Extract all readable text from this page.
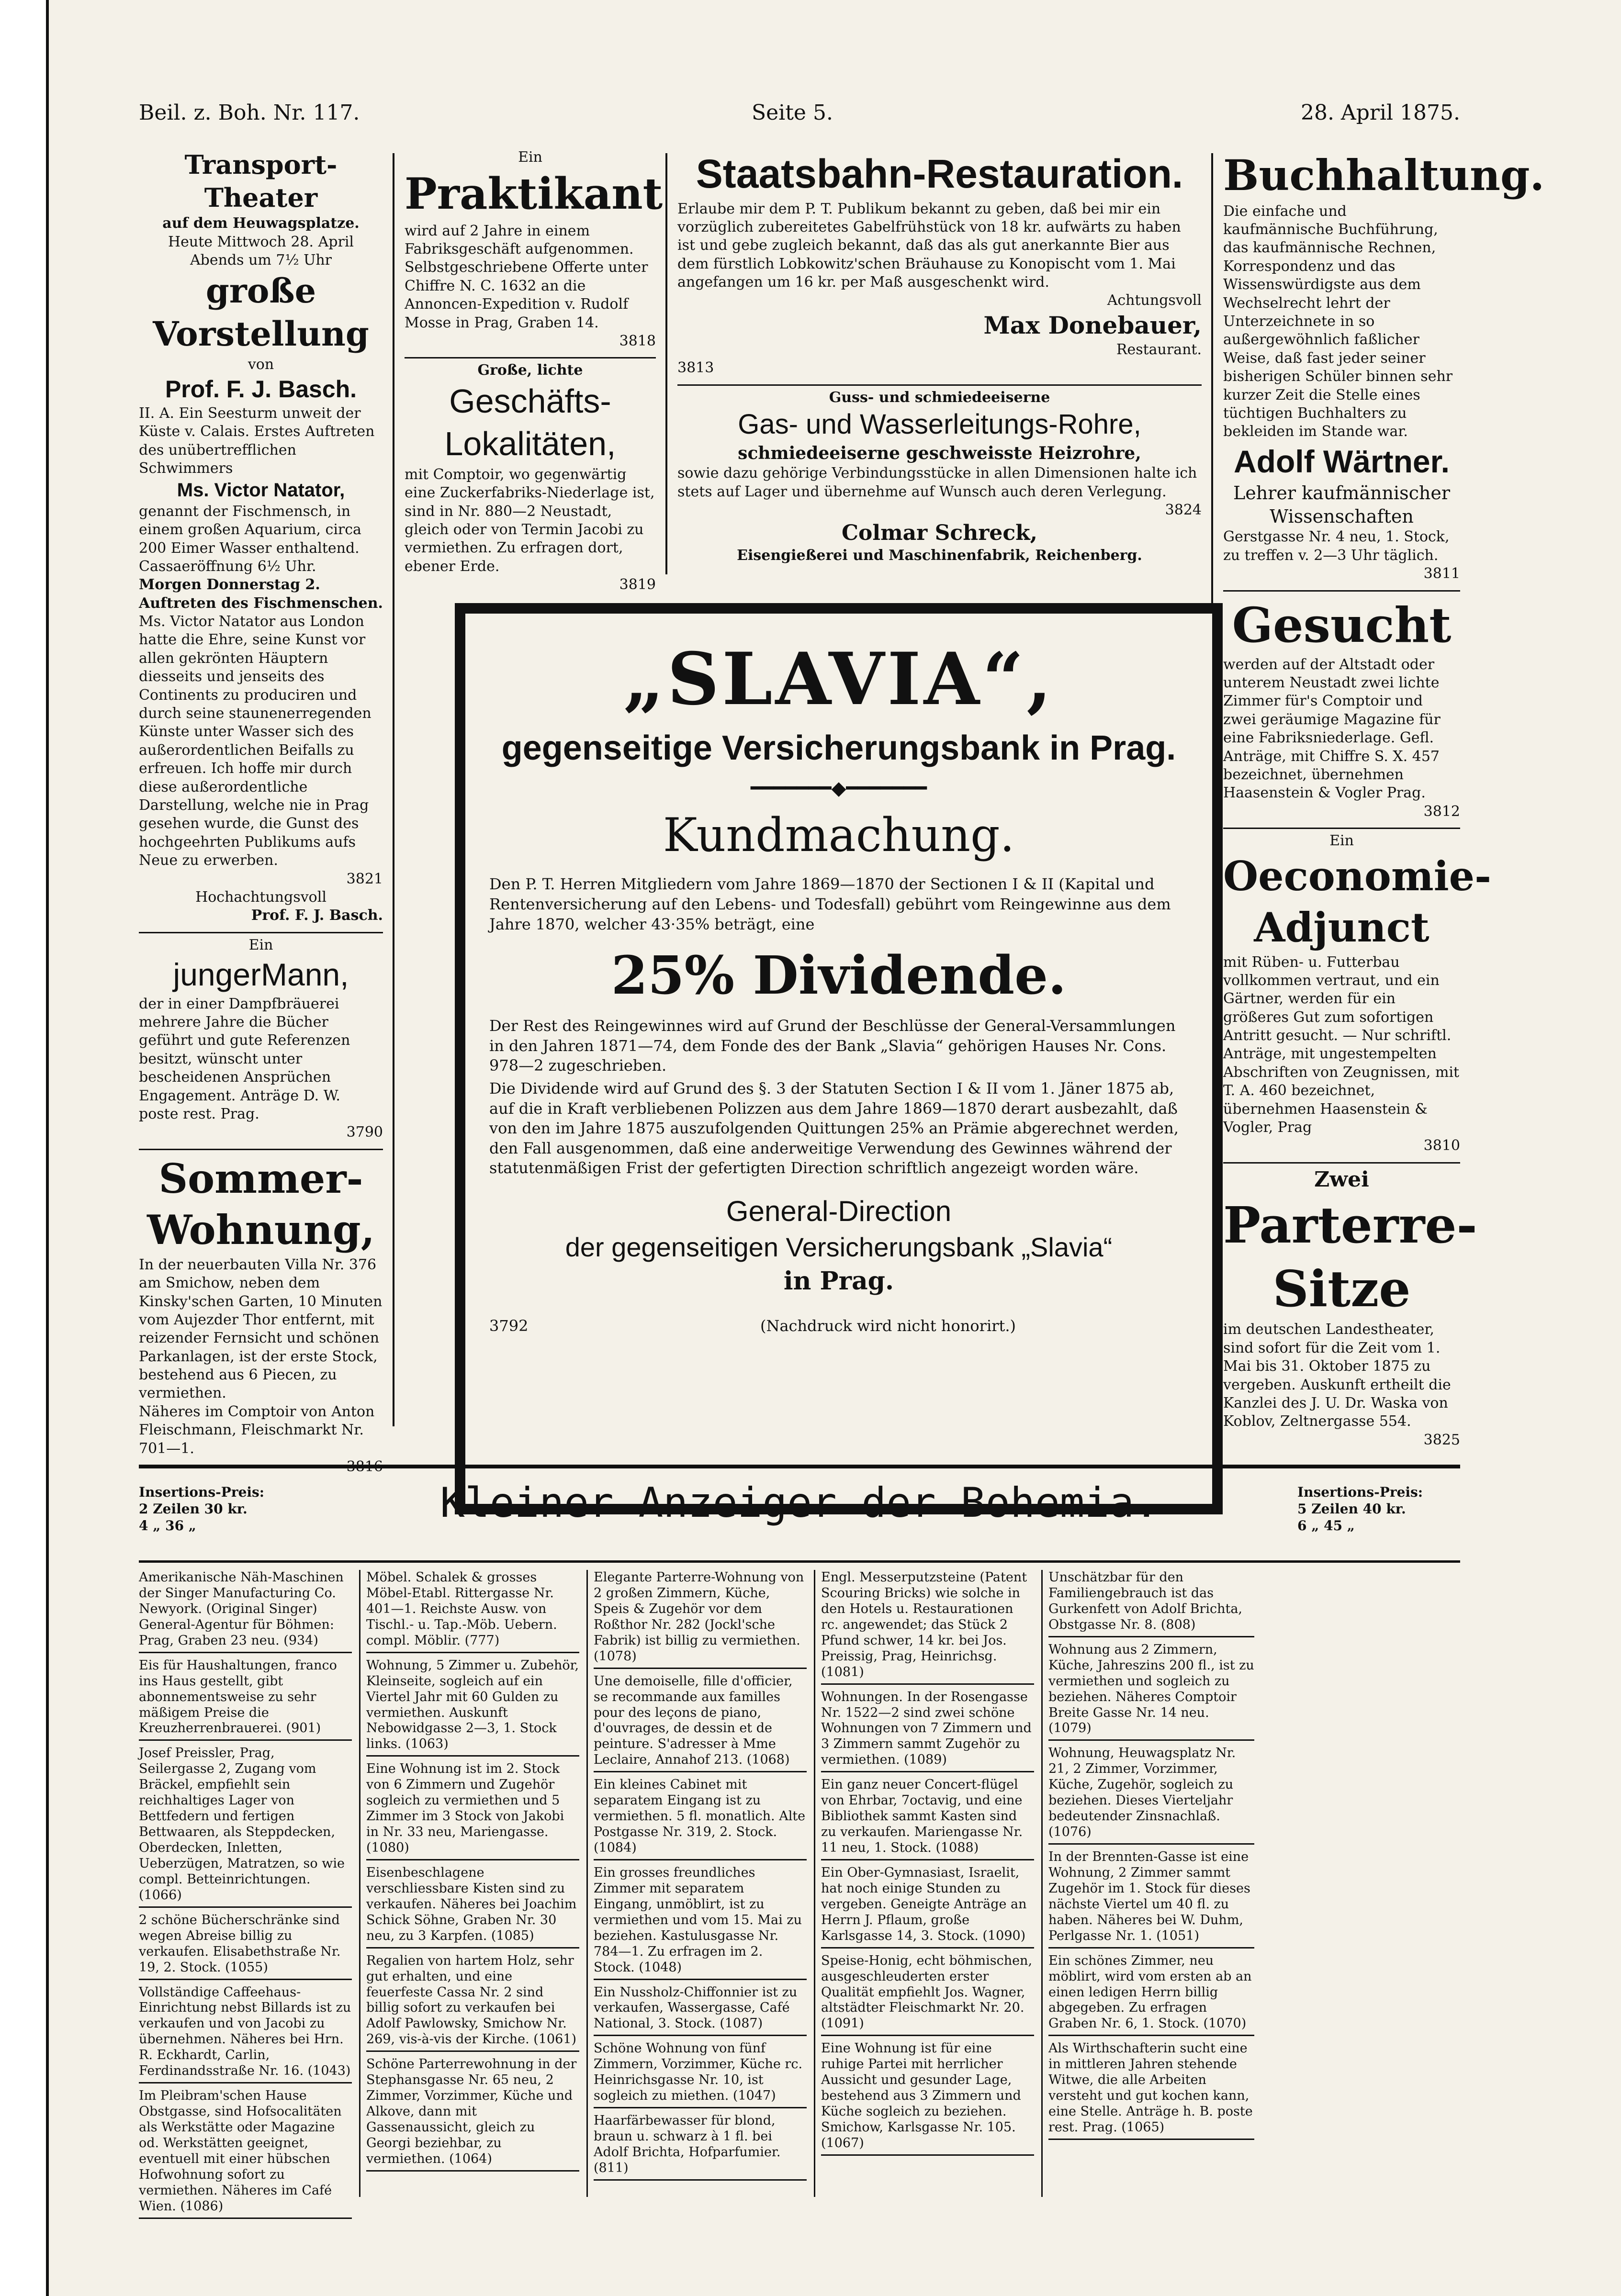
Beil. z. Boh. Nr. 117.	Seite 5.	28. April 1875.
Transport-Theater
auf dem Heuwagsplatze.
Heute Mittwoch 28. April Abends um 7½ Uhr
große Vorstellung
von
Prof. F. J. Basch.
II. A. Ein Seesturm unweit der Küste v. Calais. Erstes Auftreten des unübertrefflichen Schwimmers
Ms. Victor Natator,
genannt der Fischmensch, in einem großen Aquarium, circa 200 Eimer Wasser enthaltend. Cassaeröffnung 6½ Uhr.
Morgen Donnerstag 2. Auftreten des Fischmenschen.
Ms. Victor Natator aus London hatte die Ehre, seine Kunst vor allen gekrönten Häuptern diesseits und jenseits des Continents zu produciren und durch seine staunenerregenden Künste unter Wasser sich des außerordentlichen Beifalls zu erfreuen. Ich hoffe mir durch diese außerordentliche Darstellung, welche nie in Prag gesehen wurde, die Gunst des hochgeehrten Publikums aufs Neue zu erwerben.
3821
Hochachtungsvoll
Prof. F. J. Basch.
Ein
jungerMann,
der in einer Dampfbräuerei mehrere Jahre die Bücher geführt und gute Referenzen besitzt, wünscht unter bescheidenen Ansprüchen Engagement. Anträge D. W. poste rest. Prag.
3790
Sommer-
Wohnung,
In der neuerbauten Villa Nr. 376 am Smichow, neben dem Kinsky'schen Garten, 10 Minuten vom Aujezder Thor entfernt, mit reizender Fernsicht und schönen Parkanlagen, ist der erste Stock, bestehend aus 6 Piecen, zu vermiethen.
Näheres im Comptoir von Anton Fleischmann, Fleischmarkt Nr. 701—1.
Ein
Praktikant
wird auf 2 Jahre in einem Fabriksgeschäft aufgenommen. Selbstgeschriebene Offerte unter Chiffre N. C. 1632 an die Annoncen-Expedition v. Rudolf Mosse in Prag, Graben 14.
3818
Große, lichte
Geschäfts-
Lokalitäten,
mit Comptoir, wo gegenwärtig eine Zuckerfabriks-Niederlage ist, sind in Nr. 880—2 Neustadt, gleich oder von Termin Jacobi zu vermiethen. Zu erfragen dort, ebener Erde.
3819
Staatsbahn-Restauration.
Erlaube mir dem P. T. Publikum bekannt zu geben, daß bei mir ein vorzüglich zubereitetes Gabelfrühstück von 18 kr. aufwärts zu haben ist und gebe zugleich bekannt, daß das als gut anerkannte Bier aus dem fürstlich Lobkowitz'schen Bräuhause zu Konopischt vom 1. Mai angefangen um 16 kr. per Maß ausgeschenkt wird.
Achtungsvoll
Max Donebauer,
Restaurant.
3813
Guss- und schmiedeeiserne
Gas- und Wasserleitungs-Rohre,
schmiedeeiserne geschweisste Heizrohre,
sowie dazu gehörige Verbindungsstücke in allen Dimensionen halte ich stets auf Lager und übernehme auf Wunsch auch deren Verlegung.
3824
Colmar Schreck,
Eisengießerei und Maschinenfabrik, Reichenberg.
„SLAVIA“,
gegenseitige Versicherungsbank in Prag.
━━━━━━━◆━━━━━━━
Kundmachung.
Den P. T. Herren Mitgliedern vom Jahre 1869—1870 der Sectionen I & II (Kapital und Rentenversicherung auf den Lebens- und Todesfall) gebührt vom Reingewinne aus dem Jahre 1870, welcher 43·35% beträgt, eine
25% Dividende.
Der Rest des Reingewinnes wird auf Grund der Beschlüsse der General-Versammlungen in den Jahren 1871—74, dem Fonde des der Bank „Slavia“ gehörigen Hauses Nr. Cons. 978—2 zugeschrieben.
Die Dividende wird auf Grund des §. 3 der Statuten Section I & II vom 1. Jäner 1875 ab, auf die in Kraft verbliebenen Polizzen aus dem Jahre 1869—1870 derart ausbezahlt, daß von den im Jahre 1875 auszufolgenden Quittungen 25% an Prämie abgerechnet werden, den Fall ausgenommen, daß eine anderweitige Verwendung des Gewinnes während der statutenmäßigen Frist der gefertigten Direction schriftlich angezeigt worden wäre.
General-Direction
der gegenseitigen Versicherungsbank „Slavia“
in Prag.
3792	(Nachdruck wird nicht honorirt.)
Buchhaltung.
Die einfache und kaufmännische Buchführung, das kaufmännische Rechnen, Korrespondenz und das Wissenswürdigste aus dem Wechselrecht lehrt der Unterzeichnete in so außergewöhnlich faßlicher Weise, daß fast jeder seiner bisherigen Schüler binnen sehr kurzer Zeit die Stelle eines tüchtigen Buchhalters zu bekleiden im Stande war.
Adolf Wärtner.
Lehrer kaufmännischer
Wissenschaften
Gerstgasse Nr. 4 neu, 1. Stock, zu treffen v. 2—3 Uhr täglich.
3811
Gesucht
werden auf der Altstadt oder unterem Neustadt zwei lichte Zimmer für's Comptoir und zwei geräumige Magazine für eine Fabriksniederlage. Gefl. Anträge, mit Chiffre S. X. 457 bezeichnet, übernehmen Haasenstein & Vogler Prag.
3812
Ein
Oeconomie-
Adjunct
mit Rüben- u. Futterbau vollkommen vertraut, und ein Gärtner, werden für ein größeres Gut zum sofortigen Antritt gesucht. — Nur schriftl. Anträge, mit ungestempelten Abschriften von Zeugnissen, mit T. A. 460 bezeichnet, übernehmen Haasenstein & Vogler, Prag
3810
Zwei
Parterre-
Sitze
im deutschen Landestheater, sind sofort für die Zeit vom 1. Mai bis 31. Oktober 1875 zu vergeben. Auskunft ertheilt die Kanzlei des J. U. Dr. Waska von Koblov, Zeltnergasse 554.
3825
Insertions-Preis:
2 Zeilen 30 kr.
4 „ 36 „	Kleiner Anzeiger der Bohemia.	Insertions-Preis:
5 Zeilen 40 kr.
6 „ 45 „
Amerikanische Näh-Maschinen der Singer Manufacturing Co. Newyork. (Original Singer) General-Agentur für Böhmen: Prag, Graben 23 neu. (934)
Eis für Haushaltungen, franco ins Haus gestellt, gibt abonnementsweise zu sehr mäßigem Preise die Kreuzherrenbrauerei. (901)
Josef Preissler, Prag, Seilergasse 2, Zugang vom Bräckel, empfiehlt sein reichhaltiges Lager von Bettfedern und fertigen Bettwaaren, als Steppdecken, Oberdecken, Inletten, Ueberzügen, Matratzen, so wie compl. Betteinrichtungen. (1066)
2 schöne Bücherschränke sind wegen Abreise billig zu verkaufen. Elisabethstraße Nr. 19, 2. Stock. (1055)
Vollständige Caffeehaus-Einrichtung nebst Billards ist zu verkaufen und von Jacobi zu übernehmen. Näheres bei Hrn. R. Eckhardt, Carlin, Ferdinandsstraße Nr. 16. (1043)
Im Pleibram'schen Hause Obstgasse, sind Hofsocalitäten als Werkstätte oder Magazine od. Werkstätten geeignet, eventuell mit einer hübschen Hofwohnung sofort zu vermiethen. Näheres im Café Wien. (1086)
Möbel. Schalek & grosses Möbel-Etabl. Rittergasse Nr. 401—1. Reichste Ausw. von Tischl.- u. Tap.-Möb. Uebern. compl. Möblir. (777)
Wohnung, 5 Zimmer u. Zubehör, Kleinseite, sogleich auf ein Viertel Jahr mit 60 Gulden zu vermiethen. Auskunft Nebowidgasse 2—3, 1. Stock links. (1063)
Eine Wohnung ist im 2. Stock von 6 Zimmern und Zugehör sogleich zu vermiethen und 5 Zimmer im 3 Stock von Jakobi in Nr. 33 neu, Mariengasse. (1080)
Eisenbeschlagene verschliessbare Kisten sind zu verkaufen. Näheres bei Joachim Schick Söhne, Graben Nr. 30 neu, zu 3 Karpfen. (1085)
Regalien von hartem Holz, sehr gut erhalten, und eine feuerfeste Cassa Nr. 2 sind billig sofort zu verkaufen bei Adolf Pawlowsky, Smichow Nr. 269, vis-à-vis der Kirche. (1061)
Schöne Parterrewohnung in der Stephansgasse Nr. 65 neu, 2 Zimmer, Vorzimmer, Küche und Alkove, dann mit Gassenaussicht, gleich zu Georgi beziehbar, zu vermiethen. (1064)
Elegante Parterre-Wohnung von 2 großen Zimmern, Küche, Speis & Zugehör vor dem Roßthor Nr. 282 (Jockl'sche Fabrik) ist billig zu vermiethen. (1078)
Une demoiselle, fille d'officier, se recommande aux familles pour des leçons de piano, d'ouvrages, de dessin et de peinture. S'adresser à Mme Leclaire, Annahof 213. (1068)
Ein kleines Cabinet mit separatem Eingang ist zu vermiethen. 5 fl. monatlich. Alte Postgasse Nr. 319, 2. Stock. (1084)
Ein grosses freundliches Zimmer mit separatem Eingang, unmöblirt, ist zu vermiethen und vom 15. Mai zu beziehen. Kastulusgasse Nr. 784—1. Zu erfragen im 2. Stock. (1048)
Ein Nussholz-Chiffonnier ist zu verkaufen, Wassergasse, Café National, 3. Stock. (1087)
Schöne Wohnung von fünf Zimmern, Vorzimmer, Küche rc. Heinrichsgasse Nr. 10, ist sogleich zu miethen. (1047)
Haarfärbewasser für blond, braun u. schwarz à 1 fl. bei Adolf Brichta, Hofparfumier. (811)
Engl. Messerputzsteine (Patent Scouring Bricks) wie solche in den Hotels u. Restaurationen rc. angewendet; das Stück 2 Pfund schwer, 14 kr. bei Jos. Preissig, Prag, Heinrichsg. (1081)
Wohnungen. In der Rosengasse Nr. 1522—2 sind zwei schöne Wohnungen von 7 Zimmern und 3 Zimmern sammt Zugehör zu vermiethen. (1089)
Ein ganz neuer Concert-flügel von Ehrbar, 7octavig, und eine Bibliothek sammt Kasten sind zu verkaufen. Mariengasse Nr. 11 neu, 1. Stock. (1088)
Ein Ober-Gymnasiast, Israelit, hat noch einige Stunden zu vergeben. Geneigte Anträge an Herrn J. Pflaum, große Karlsgasse 14, 3. Stock. (1090)
Speise-Honig, echt böhmischen, ausgeschleuderten erster Qualität empfiehlt Jos. Wagner, altstädter Fleischmarkt Nr. 20. (1091)
Eine Wohnung ist für eine ruhige Partei mit herrlicher Aussicht und gesunder Lage, bestehend aus 3 Zimmern und Küche sogleich zu beziehen. Smichow, Karlsgasse Nr. 105. (1067)
Unschätzbar für den Familiengebrauch ist das Gurkenfett von Adolf Brichta, Obstgasse Nr. 8. (808)
Wohnung aus 2 Zimmern, Küche, Jahreszins 200 fl., ist zu vermiethen und sogleich zu beziehen. Näheres Comptoir Breite Gasse Nr. 14 neu. (1079)
Wohnung, Heuwagsplatz Nr. 21, 2 Zimmer, Vorzimmer, Küche, Zugehör, sogleich zu beziehen. Dieses Vierteljahr bedeutender Zinsnachlaß. (1076)
In der Brennten-Gasse ist eine Wohnung, 2 Zimmer sammt Zugehör im 1. Stock für dieses nächste Viertel um 40 fl. zu haben. Näheres bei W. Duhm, Perlgasse Nr. 1. (1051)
Ein schönes Zimmer, neu möblirt, wird vom ersten ab an einen ledigen Herrn billig abgegeben. Zu erfragen Graben Nr. 6, 1. Stock. (1070)
Als Wirthschafterin sucht eine in mittleren Jahren stehende Witwe, die alle Arbeiten versteht und gut kochen kann, eine Stelle. Anträge h. B. poste rest. Prag. (1065)
